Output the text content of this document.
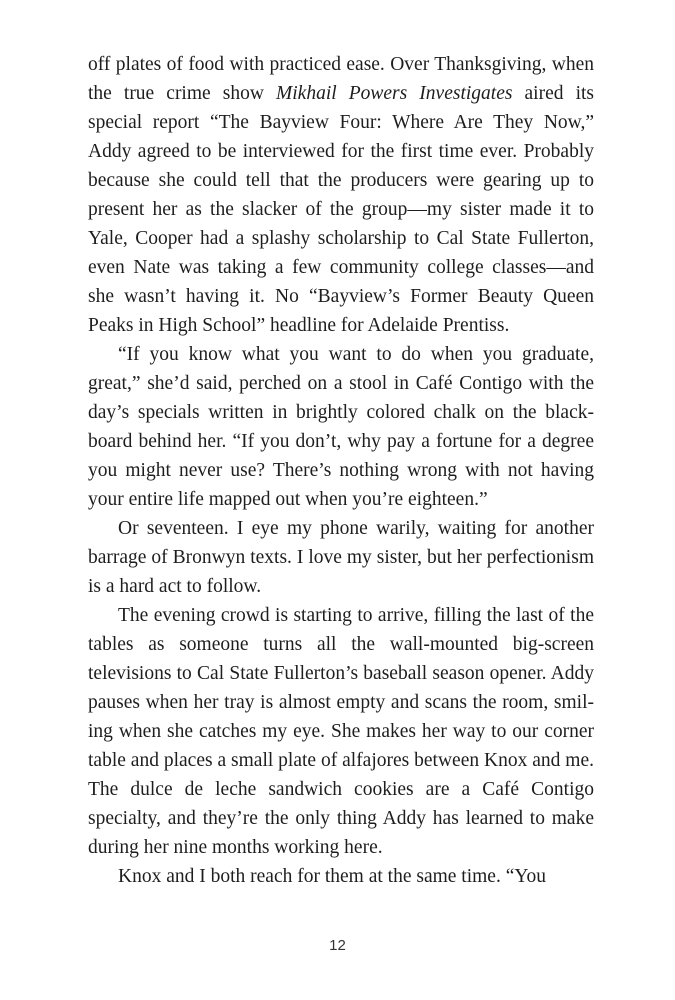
off plates of food with practiced ease. Over Thanksgiving, when the true crime show Mikhail Powers Investigates aired its special report “The Bayview Four: Where Are They Now,” Addy agreed to be interviewed for the first time ever. Probably because she could tell that the producers were gearing up to present her as the slacker of the group—my sister made it to Yale, Cooper had a splashy scholarship to Cal State Fullerton, even Nate was taking a few community college classes—and she wasn’t having it. No “Bayview’s Former Beauty Queen Peaks in High School” headline for Adelaide Prentiss.

“If you know what you want to do when you graduate, great,” she’d said, perched on a stool in Café Contigo with the day’s specials written in brightly colored chalk on the blackboard behind her. “If you don’t, why pay a fortune for a degree you might never use? There’s nothing wrong with not having your entire life mapped out when you’re eighteen.”

Or seventeen. I eye my phone warily, waiting for another barrage of Bronwyn texts. I love my sister, but her perfectionism is a hard act to follow.

The evening crowd is starting to arrive, filling the last of the tables as someone turns all the wall-mounted big-screen televisions to Cal State Fullerton’s baseball season opener. Addy pauses when her tray is almost empty and scans the room, smiling when she catches my eye. She makes her way to our corner table and places a small plate of alfajores between Knox and me. The dulce de leche sandwich cookies are a Café Contigo specialty, and they’re the only thing Addy has learned to make during her nine months working here.

Knox and I both reach for them at the same time. “You

12
